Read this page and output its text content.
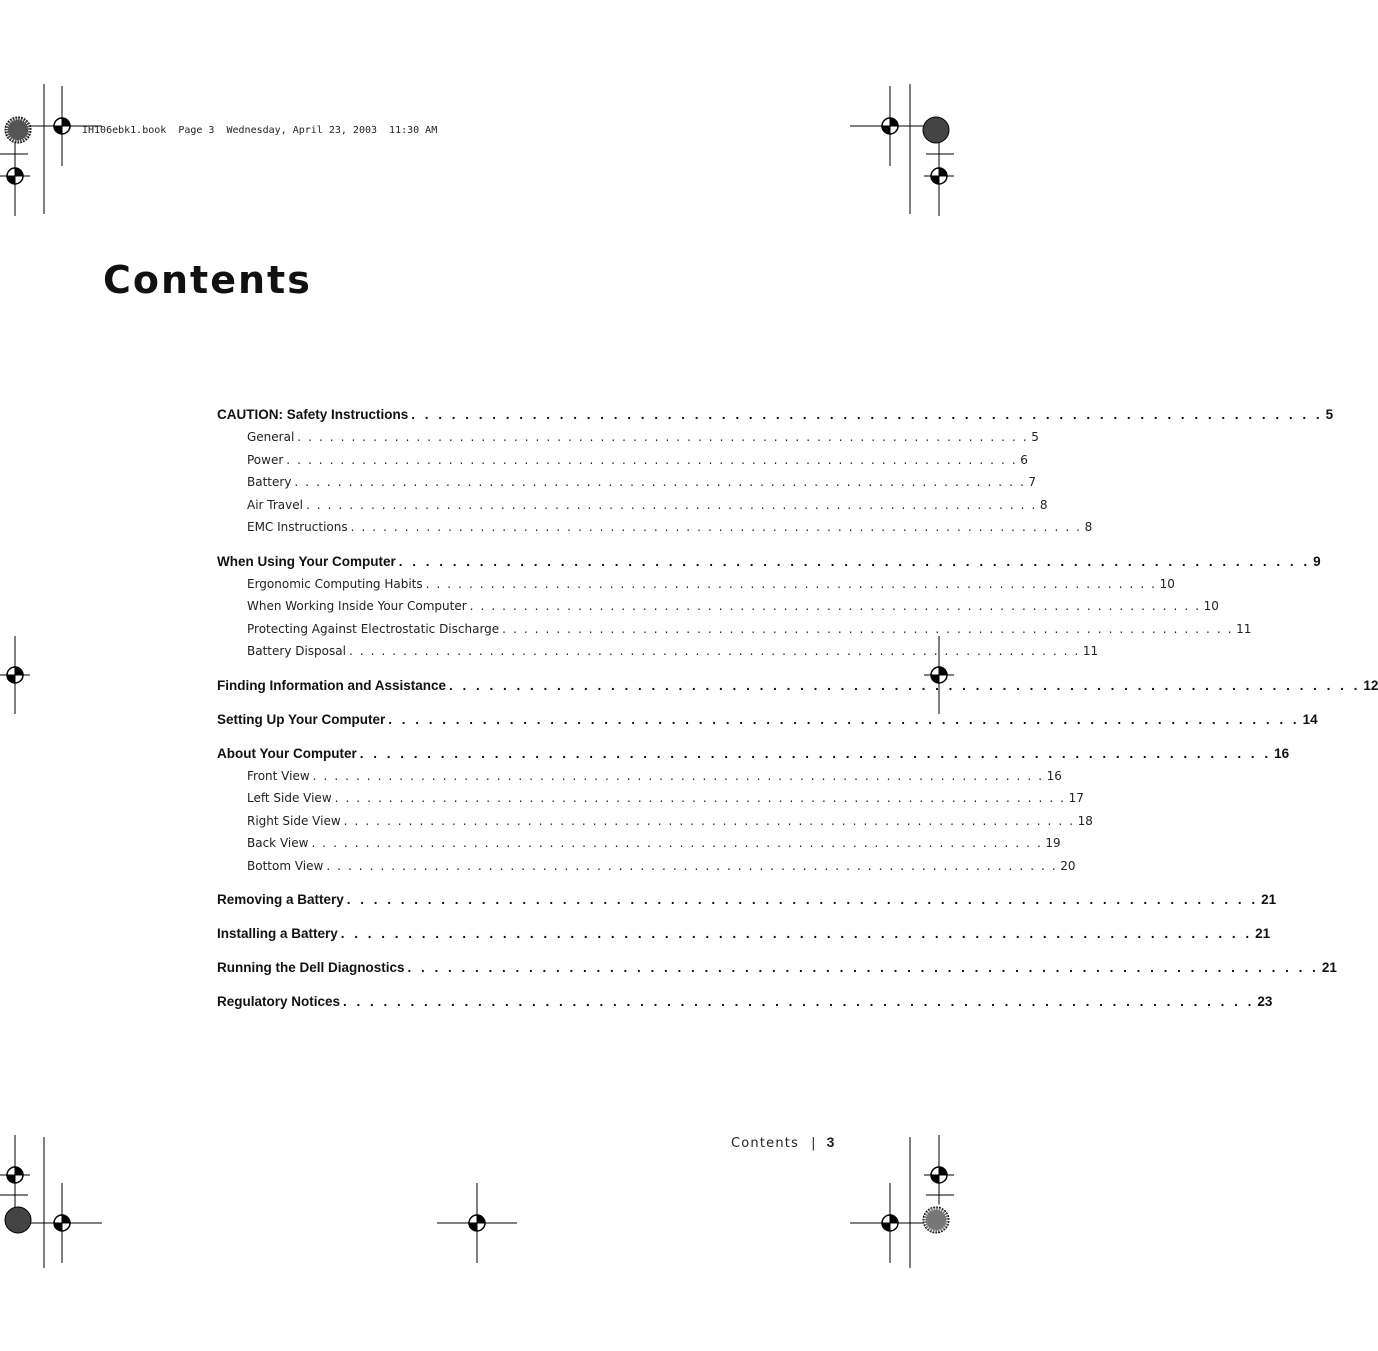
IH106ebk1.book  Page 3  Wednesday, April 23, 2003  11:30 AM
Contents
CAUTION: Safety Instructions . . . . . . . . . . . . . . . . . . . . . . . . . . . . . . . . . . . . . . . . . . . . . . . . . . . . . . . . . . . . . . . . . . . . 5
General . . . . . . . . . . . . . . . . . . . . . . . . . . . . . . . . . . . . . . . . . . . . . . . . . . . . . . . . . . . . . . . . . . . . 5
Power . . . . . . . . . . . . . . . . . . . . . . . . . . . . . . . . . . . . . . . . . . . . . . . . . . . . . . . . . . . . . . . . . . . . 6
Battery . . . . . . . . . . . . . . . . . . . . . . . . . . . . . . . . . . . . . . . . . . . . . . . . . . . . . . . . . . . . . . . . . . . . 7
Air Travel . . . . . . . . . . . . . . . . . . . . . . . . . . . . . . . . . . . . . . . . . . . . . . . . . . . . . . . . . . . . . . . . . . . . 8
EMC Instructions . . . . . . . . . . . . . . . . . . . . . . . . . . . . . . . . . . . . . . . . . . . . . . . . . . . . . . . . . . . . . . . . . . . . 8
When Using Your Computer . . . . . . . . . . . . . . . . . . . . . . . . . . . . . . . . . . . . . . . . . . . . . . . . . . . . . . . . . . . . . . . . . . . . 9
Ergonomic Computing Habits . . . . . . . . . . . . . . . . . . . . . . . . . . . . . . . . . . . . . . . . . . . . . . . . . . . . . . . . . . . . . . . . . . . . 10
When Working Inside Your Computer . . . . . . . . . . . . . . . . . . . . . . . . . . . . . . . . . . . . . . . . . . . . . . . . . . . . . . . . . . . . . . . . . . . . 10
Protecting Against Electrostatic Discharge . . . . . . . . . . . . . . . . . . . . . . . . . . . . . . . . . . . . . . . . . . . . . . . . . . . . . . . . . . . . . . . . . . . . 11
Battery Disposal . . . . . . . . . . . . . . . . . . . . . . . . . . . . . . . . . . . . . . . . . . . . . . . . . . . . . . . . . . . . . . . . . . . . 11
Finding Information and Assistance . . . . . . . . . . . . . . . . . . . . . . . . . . . . . . . . . . . . . . . . . . . . . . . . . . . . . . . . . . . . . . . . . . . . 12
Setting Up Your Computer . . . . . . . . . . . . . . . . . . . . . . . . . . . . . . . . . . . . . . . . . . . . . . . . . . . . . . . . . . . . . . . . . . . . 14
About Your Computer . . . . . . . . . . . . . . . . . . . . . . . . . . . . . . . . . . . . . . . . . . . . . . . . . . . . . . . . . . . . . . . . . . . . 16
Front View . . . . . . . . . . . . . . . . . . . . . . . . . . . . . . . . . . . . . . . . . . . . . . . . . . . . . . . . . . . . . . . . . . . . 16
Left Side View . . . . . . . . . . . . . . . . . . . . . . . . . . . . . . . . . . . . . . . . . . . . . . . . . . . . . . . . . . . . . . . . . . . . 17
Right Side View . . . . . . . . . . . . . . . . . . . . . . . . . . . . . . . . . . . . . . . . . . . . . . . . . . . . . . . . . . . . . . . . . . . . 18
Back View . . . . . . . . . . . . . . . . . . . . . . . . . . . . . . . . . . . . . . . . . . . . . . . . . . . . . . . . . . . . . . . . . . . . 19
Bottom View . . . . . . . . . . . . . . . . . . . . . . . . . . . . . . . . . . . . . . . . . . . . . . . . . . . . . . . . . . . . . . . . . . . . 20
Removing a Battery . . . . . . . . . . . . . . . . . . . . . . . . . . . . . . . . . . . . . . . . . . . . . . . . . . . . . . . . . . . . . . . . . . . . 21
Installing a Battery . . . . . . . . . . . . . . . . . . . . . . . . . . . . . . . . . . . . . . . . . . . . . . . . . . . . . . . . . . . . . . . . . . . . 21
Running the Dell Diagnostics . . . . . . . . . . . . . . . . . . . . . . . . . . . . . . . . . . . . . . . . . . . . . . . . . . . . . . . . . . . . . . . . . . . . 21
Regulatory Notices . . . . . . . . . . . . . . . . . . . . . . . . . . . . . . . . . . . . . . . . . . . . . . . . . . . . . . . . . . . . . . . . . . . . 23
Contents | 3
